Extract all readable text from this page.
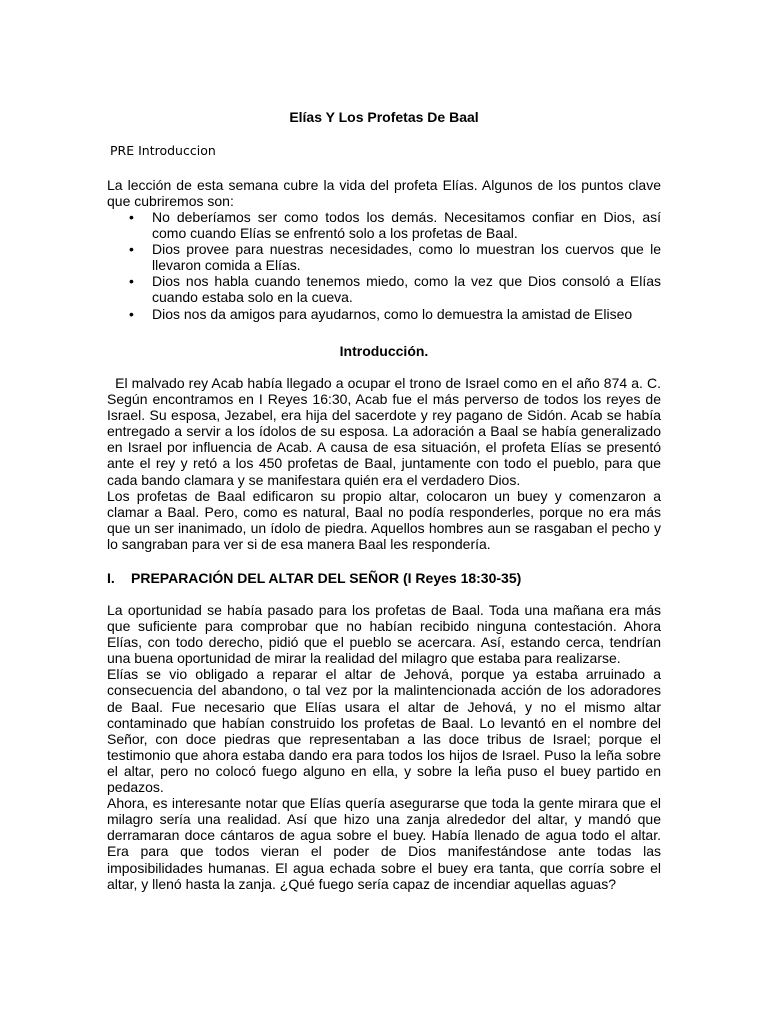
Elías Y Los Profetas De Baal
PRE Introduccion

La lección de esta semana cubre la vida del profeta Elías. Algunos de los puntos clave que cubriremos son:

• No deberíamos ser como todos los demás. Necesitamos confiar en Dios, así como cuando Elías se enfrentó solo a los profetas de Baal.
• Dios provee para nuestras necesidades, como lo muestran los cuervos que le llevaron comida a Elías.
• Dios nos habla cuando tenemos miedo, como la vez que Dios consoló a Elías cuando estaba solo en la cueva.
• Dios nos da amigos para ayudarnos, como lo demuestra la amistad de Eliseo
Introducción.

El malvado rey Acab había llegado a ocupar el trono de Israel como en el año 874 a. C. Según encontramos en I Reyes 16:30, Acab fue el más perverso de todos los reyes de Israel. Su esposa, Jezabel, era hija del sacerdote y rey pagano de Sidón. Acab se había entregado a servir a los ídolos de su esposa. La adoración a Baal se había generalizado en Israel por influencia de Acab. A causa de esa situación, el profeta Elías se presentó ante el rey y retó a los 450 profetas de Baal, juntamente con todo el pueblo, para que cada bando clamara y se manifestara quién era el verdadero Dios.

Los profetas de Baal edificaron su propio altar, colocaron un buey y comenzaron a clamar a Baal. Pero, como es natural, Baal no podía responderles, porque no era más que un ser inanimado, un ídolo de piedra. Aquellos hombres aun se rasgaban el pecho y lo sangraban para ver si de esa manera Baal les respondería.

I. PREPARACIÓN DEL ALTAR DEL SEÑOR (I Reyes 18:30-35)

La oportunidad se había pasado para los profetas de Baal. Toda una mañana era más que suficiente para comprobar que no habían recibido ninguna contestación. Ahora Elías, con todo derecho, pidió que el pueblo se acercara. Así, estando cerca, tendrían una buena oportunidad de mirar la realidad del milagro que estaba para realizarse.

Elías se vio obligado a reparar el altar de Jehová, porque ya estaba arruinado a consecuencia del abandono, o tal vez por la malintencionada acción de los adoradores de Baal. Fue necesario que Elías usara el altar de Jehová, y no el mismo altar contaminado que habían construido los profetas de Baal. Lo levantó en el nombre del Señor, con doce piedras que representaban a las doce tribus de Israel; porque el testimonio que ahora estaba dando era para todos los hijos de Israel. Puso la leña sobre el altar, pero no colocó fuego alguno en ella, y sobre la leña puso el buey partido en pedazos.

Ahora, es interesante notar que Elías quería asegurarse que toda la gente mirara que el milagro sería una realidad. Así que hizo una zanja alrededor del altar, y mandó que derramaran doce cántaros de agua sobre el buey. Había llenado de agua todo el altar. Era para que todos vieran el poder de Dios manifestándose ante todas las imposibilidades humanas. El agua echada sobre el buey era tanta, que corría sobre el altar, y llenó hasta la zanja. ¿Qué fuego sería capaz de incendiar aquellas aguas?
